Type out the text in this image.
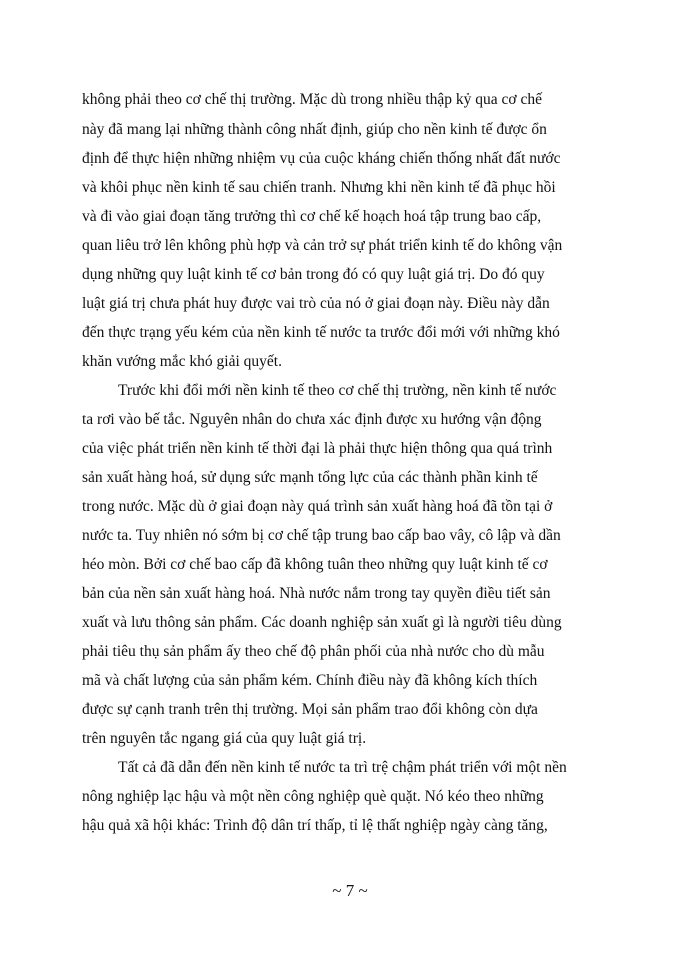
không phải theo cơ chế thị trường. Mặc dù trong nhiều thập kỷ qua cơ chế
này đã mang lại những thành công nhất định, giúp cho nền kinh tế được ổn
định để thực hiện những nhiệm vụ của cuộc kháng chiến thống nhất đất nước
và khôi phục nền kinh tế sau chiến tranh. Nhưng khi nền kinh tế đã phục hồi
và đi vào giai đoạn tăng trưởng thì cơ chế kế hoạch hoá tập trung bao cấp,
quan liêu trở lên không phù hợp và cản trở sự phát triển kinh tế do không vận
dụng những quy luật kinh tế cơ bản trong đó có quy luật giá trị. Do đó quy
luật giá trị chưa phát huy được vai trò của nó ở giai đoạn này. Điều này dẫn
đến thực trạng yếu kém của nền kinh tế nước ta trước đổi mới với những khó
khăn vướng mắc khó giải quyết.
Trước khi đổi mới nền kinh tế theo cơ chế thị trường, nền kinh tế nước
ta rơi vào bế tắc. Nguyên nhân do chưa xác định được xu hướng vận động
của việc phát triển nền kinh tế thời đại là phải thực hiện thông qua quá trình
sản xuất hàng hoá, sử dụng sức mạnh tổng lực của các thành phần kinh tế
trong nước. Mặc dù ở giai đoạn này quá trình sản xuất hàng hoá đã tồn tại ở
nước ta. Tuy nhiên nó sớm bị cơ chế tập trung bao cấp bao vây, cô lập và dần
héo mòn. Bởi cơ chế bao cấp đã không tuân theo những quy luật kinh tế cơ
bản của nền sản xuất hàng hoá. Nhà nước nắm trong tay quyền điều tiết sản
xuất và lưu thông sản phẩm. Các doanh nghiệp sản xuất gì là người tiêu dùng
phải tiêu thụ sản phẩm ấy theo chế độ phân phối của nhà nước cho dù mẫu
mã và chất lượng của sản phẩm kém. Chính điều này đã không kích thích
được sự cạnh tranh trên thị trường. Mọi sản phẩm trao đổi không còn dựa
trên nguyên tắc ngang giá của quy luật giá trị.
Tất cả đã dẫn đến nền kinh tế nước ta trì trệ chậm phát triển với một nền
nông nghiệp lạc hậu và một nền công nghiệp què quặt. Nó kéo theo những
hậu quả xã hội khác: Trình độ dân trí thấp, tỉ lệ thất nghiệp ngày càng tăng,
~ 7 ~
